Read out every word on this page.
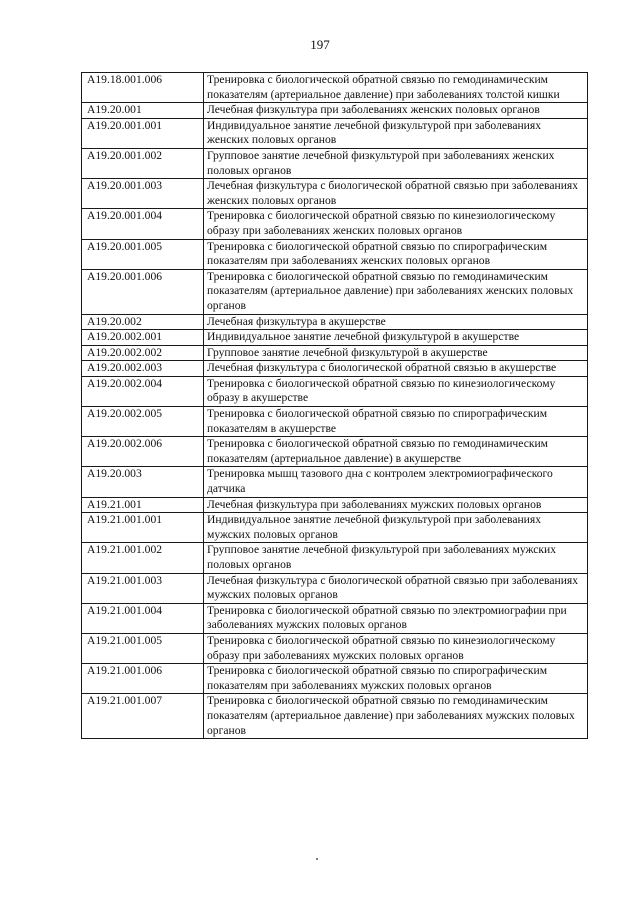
197
A19.18.001.006	Тренировка с биологической обратной связью по гемодинамическим показателям (артериальное давление) при заболеваниях толстой кишки
A19.20.001	Лечебная физкультура при заболеваниях женских половых органов
A19.20.001.001	Индивидуальное занятие лечебной физкультурой при заболеваниях женских половых органов
A19.20.001.002	Групповое занятие лечебной физкультурой при заболеваниях женских половых органов
A19.20.001.003	Лечебная физкультура с биологической обратной связью при заболеваниях женских половых органов
A19.20.001.004	Тренировка с биологической обратной связью по кинезиологическому образу при заболеваниях женских половых органов
A19.20.001.005	Тренировка с биологической обратной связью по спирографическим показателям при заболеваниях женских половых органов
A19.20.001.006	Тренировка с биологической обратной связью по гемодинамическим показателям (артериальное давление) при заболеваниях женских половых органов
A19.20.002	Лечебная физкультура в акушерстве
A19.20.002.001	Индивидуальное занятие лечебной физкультурой в акушерстве
A19.20.002.002	Групповое занятие лечебной физкультурой в акушерстве
A19.20.002.003	Лечебная физкультура с биологической обратной связью в акушерстве
A19.20.002.004	Тренировка с биологической обратной связью по кинезиологическому образу в акушерстве
A19.20.002.005	Тренировка с биологической обратной связью по спирографическим показателям в акушерстве
A19.20.002.006	Тренировка с биологической обратной связью по гемодинамическим показателям (артериальное давление) в акушерстве
A19.20.003	Тренировка мышц тазового дна с контролем электромиографического датчика
A19.21.001	Лечебная физкультура при заболеваниях мужских половых органов
A19.21.001.001	Индивидуальное занятие лечебной физкультурой при заболеваниях мужских половых органов
A19.21.001.002	Групповое занятие лечебной физкультурой при заболеваниях мужских половых органов
A19.21.001.003	Лечебная физкультура с биологической обратной связью при заболеваниях мужских половых органов
A19.21.001.004	Тренировка с биологической обратной связью по электромиографии при заболеваниях мужских половых органов
A19.21.001.005	Тренировка с биологической обратной связью по кинезиологическому образу при заболеваниях мужских половых органов
A19.21.001.006	Тренировка с биологической обратной связью по спирографическим показателям при заболеваниях мужских половых органов
A19.21.001.007	Тренировка с биологической обратной связью по гемодинамическим показателям (артериальное давление) при заболеваниях мужских половых органов
